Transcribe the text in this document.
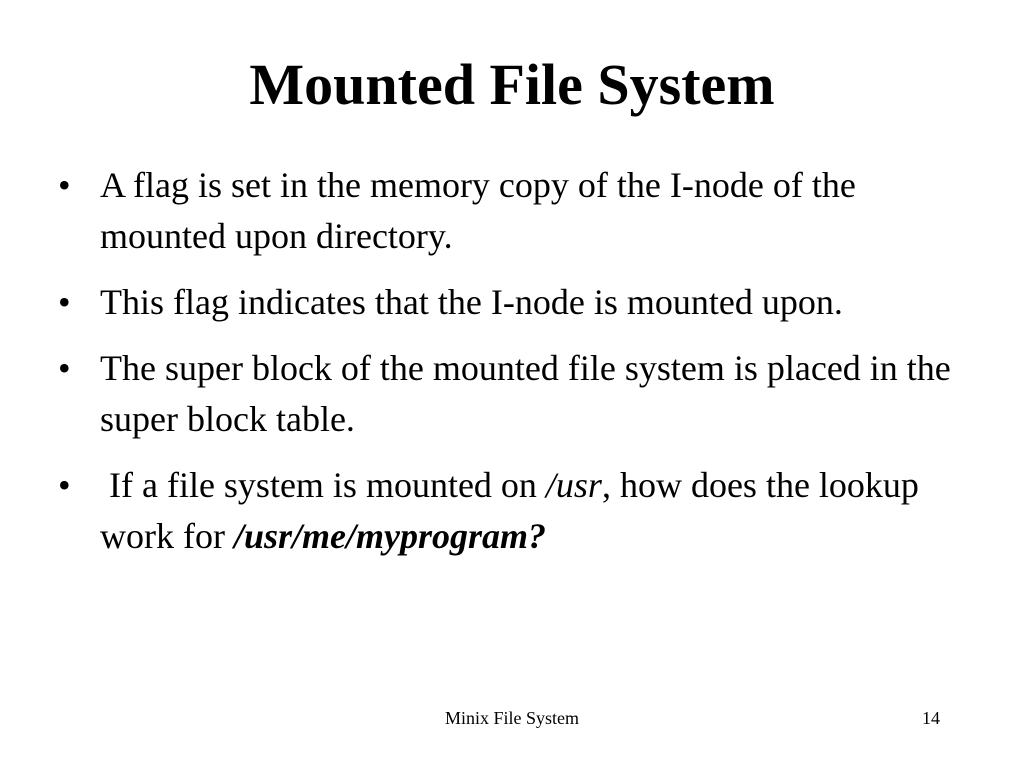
Mounted File System
• A flag is set in the memory copy of the I-node of the mounted upon directory.
• This flag indicates that the I-node is mounted upon.
• The super block of the mounted file system is placed in the super block table.
• If a file system is mounted on /usr, how does the lookup work for /usr/me/myprogram?
Minix File System	14
